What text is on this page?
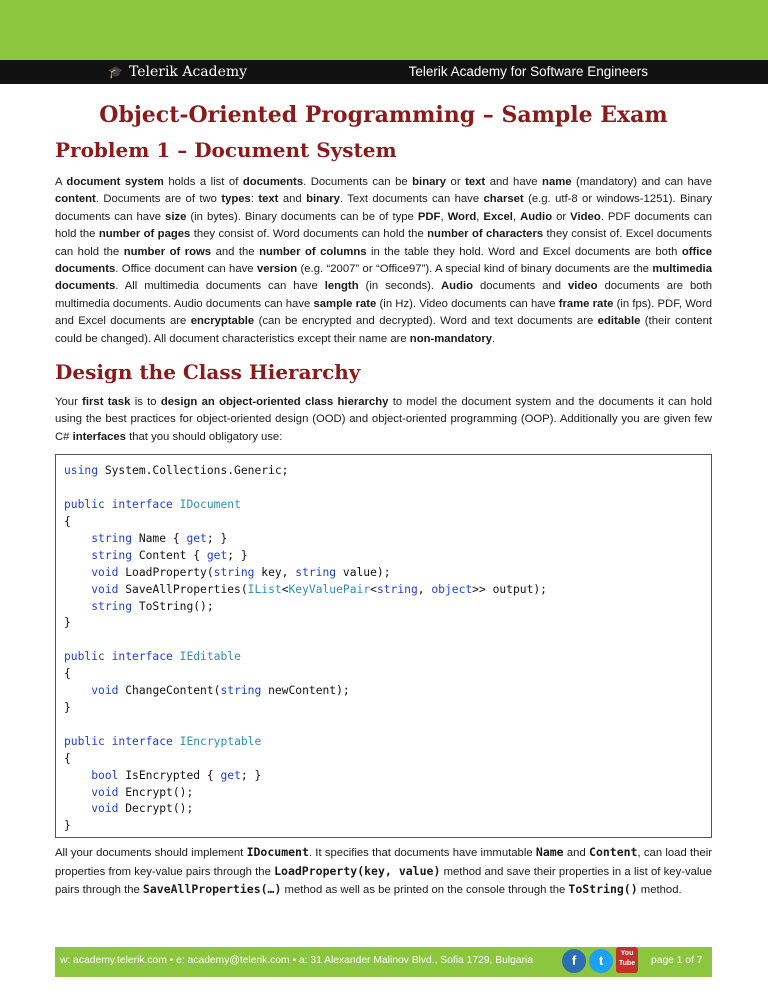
🎓 Telerik Academy	Telerik Academy for Software Engineers
Object-Oriented Programming – Sample Exam
Problem 1 – Document System

A document system holds a list of documents. Documents can be binary or text and have name (mandatory) and can have content. Documents are of two types: text and binary. Text documents can have charset (e.g. utf-8 or windows-1251). Binary documents can have size (in bytes). Binary documents can be of type PDF, Word, Excel, Audio or Video. PDF documents can hold the number of pages they consist of. Word documents can hold the number of characters they consist of. Excel documents can hold the number of rows and the number of columns in the table they hold. Word and Excel documents are both office documents. Office document can have version (e.g. “2007” or “Office97”). A special kind of binary documents are the multimedia documents. All multimedia documents can have length (in seconds). Audio documents and video documents are both multimedia documents. Audio documents can have sample rate (in Hz). Video documents can have frame rate (in fps). PDF, Word and Excel documents are encryptable (can be encrypted and decrypted). Word and text documents are editable (their content could be changed). All document characteristics except their name are non-mandatory.

Design the Class Hierarchy

Your first task is to design an object-oriented class hierarchy to model the document system and the documents it can hold using the best practices for object-oriented design (OOD) and object-oriented programming (OOP). Additionally you are given few C# interfaces that you should obligatory use:

using System.Collections.Generic;

public interface IDocument
{
string Name { get; }
string Content { get; }
void LoadProperty(string key, string value);
void SaveAllProperties(IList<KeyValuePair<string, object>> output);
string ToString();
}

public interface IEditable
{
void ChangeContent(string newContent);
}

public interface IEncryptable
{
bool IsEncrypted { get; }
void Encrypt();
void Decrypt();
}

All your documents should implement IDocument. It specifies that documents have immutable Name and Content, can load their properties from key-value pairs through the LoadProperty(key, value) method and save their properties in a list of key-value pairs through the SaveAllProperties(…) method as well as be printed on the console through the ToString() method.

w: academy.telerik.com • e: academy@telerik.com • a: 31 Alexander Malinov Blvd., Sofia 1729, Bulgaria	f	t	You
Tube page 1 of 7
